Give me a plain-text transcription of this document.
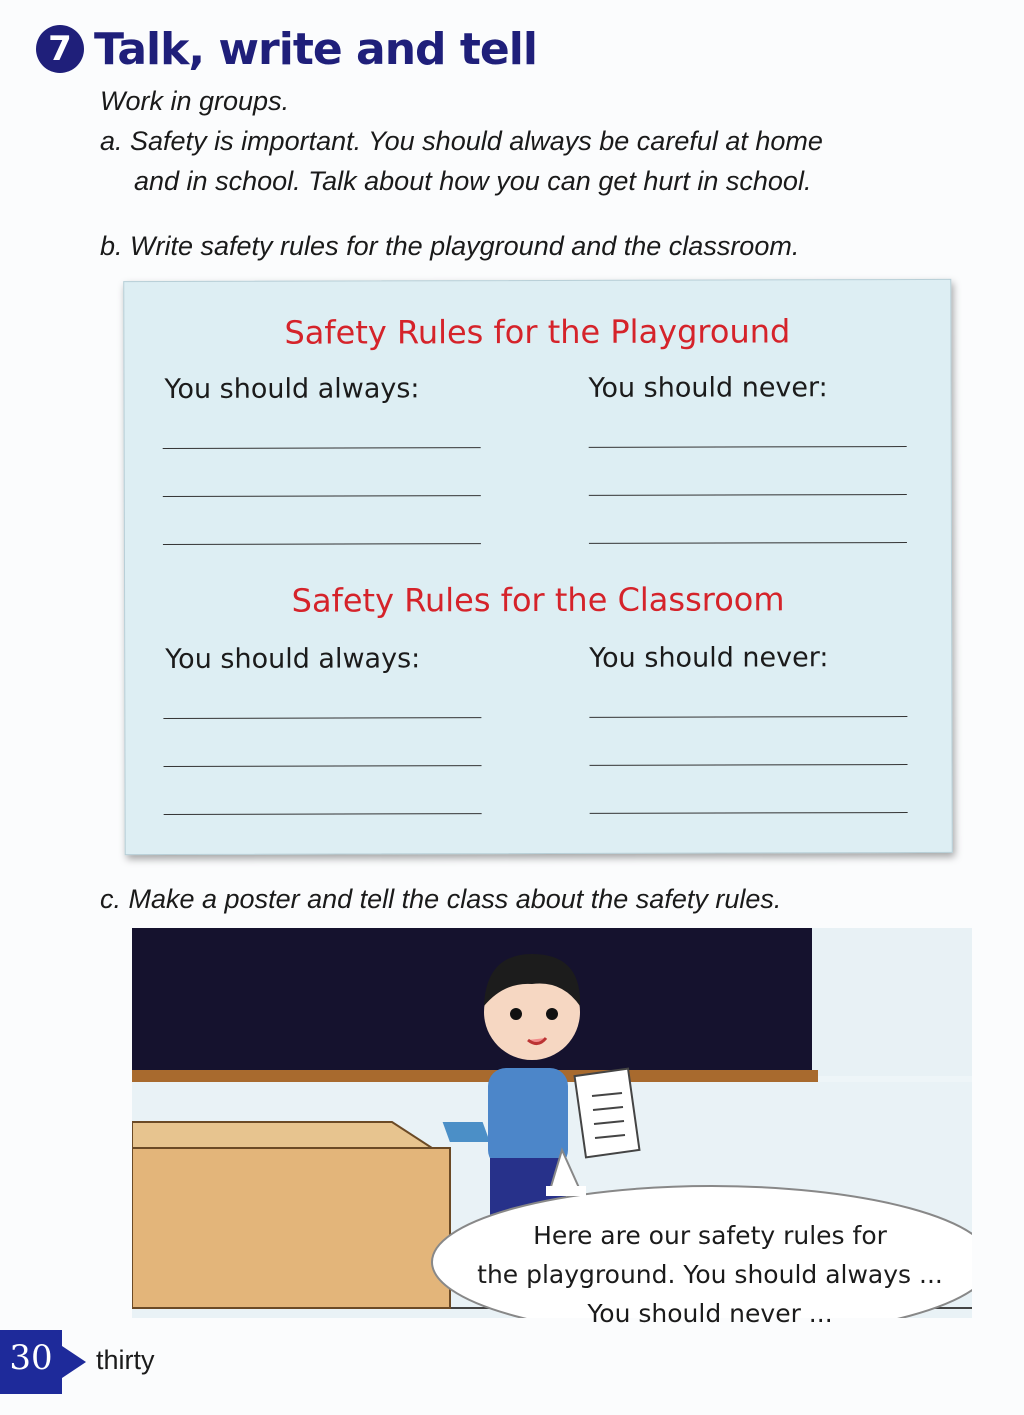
7 Talk, write and tell
Work in groups.
a. Safety is important. You should always be careful at home
and in school. Talk about how you can get hurt in school.
b. Write safety rules for the playground and the classroom.
Safety Rules for the Playground
You should always:	You should never:
Safety Rules for the Classroom
You should always:	You should never:
c. Make a poster and tell the class about the safety rules.
Here are our safety rules for
the playground. You should always ...
You should never ...
30	thirty
